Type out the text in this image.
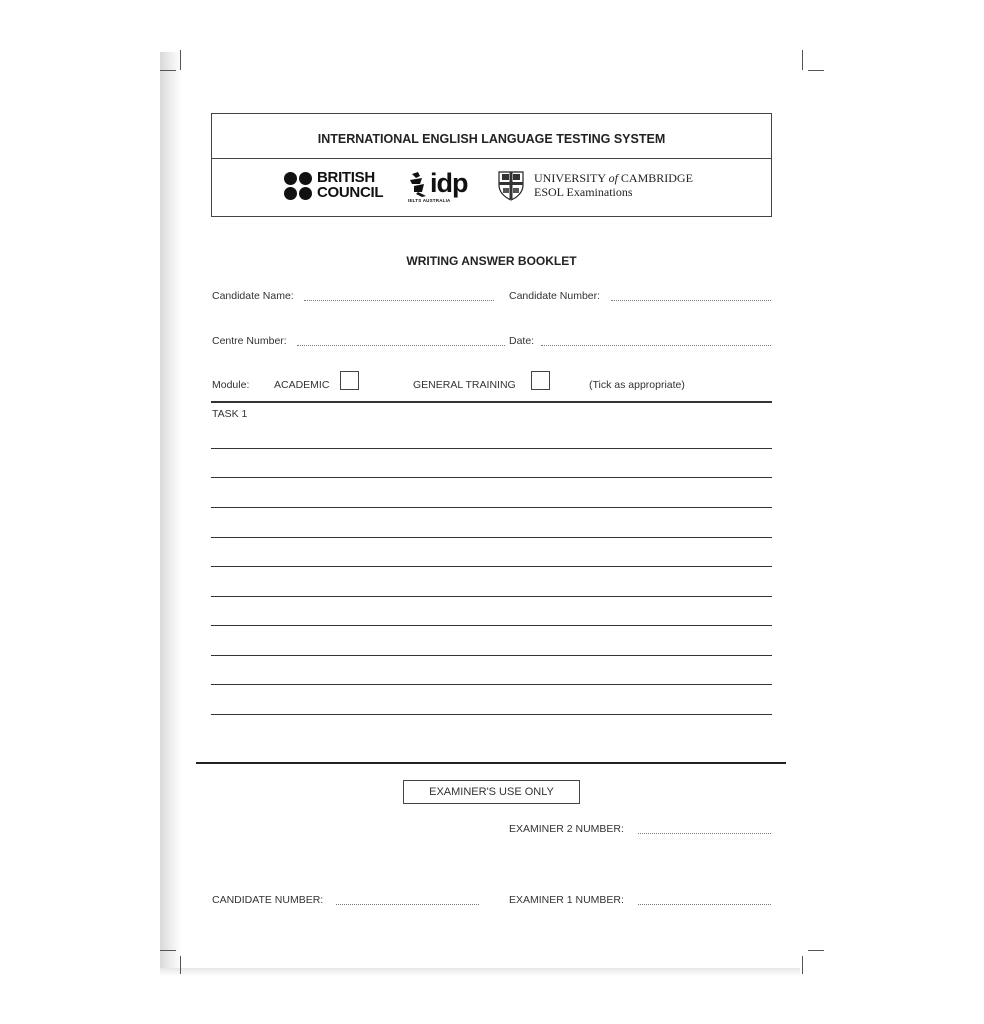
INTERNATIONAL ENGLISH LANGUAGE TESTING SYSTEM
BRITISH
COUNCIL idp
IELTS AUSTRALIA
UNIVERSITY of CAMBRIDGE
ESOL Examinations
WRITING ANSWER BOOKLET
Candidate Name:	Candidate Number:
Centre Number:	Date:
Module: ACADEMIC	GENERAL TRAINING	(Tick as appropriate)
TASK 1
EXAMINER'S USE ONLY
EXAMINER 2 NUMBER:
CANDIDATE NUMBER:	EXAMINER 1 NUMBER:
